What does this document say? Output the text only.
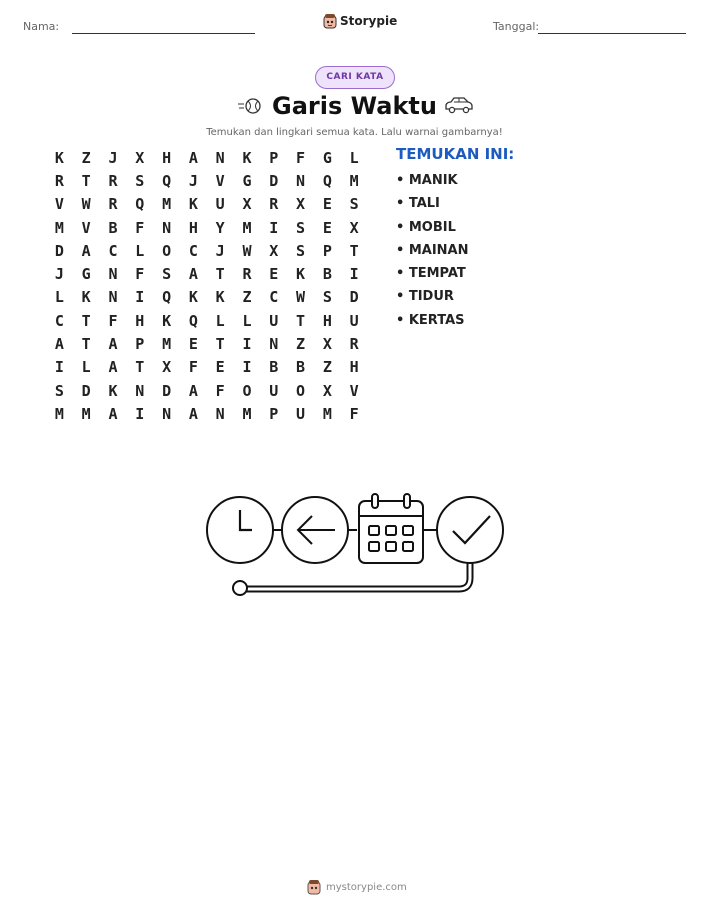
Nama:	Storypie	Tanggal:
CARI KATA
Garis Waktu
Temukan dan lingkari semua kata. Lalu warnai gambarnya!
K	Z	J	X	H	A	N	K	P	F	G	L
R	T	R	S	Q	J	V	G	D	N	Q	M
V	W	R	Q	M	K	U	X	R	X	E	S
M	V	B	F	N	H	Y	M	I	S	E	X
D	A	C	L	O	C	J	W	X	S	P	T
J	G	N	F	S	A	T	R	E	K	B	I
L	K	N	I	Q	K	K	Z	C	W	S	D
C	T	F	H	K	Q	L	L	U	T	H	U
A	T	A	P	M	E	T	I	N	Z	X	R
I	L	A	T	X	F	E	I	B	B	Z	H
S	D	K	N	D	A	F	O	U	O	X	V
M	M	A	I	N	A	N	M	P	U	M	F
TEMUKAN INI:
• MANIK
• TALI
• MOBIL
• MAINAN
• TEMPAT
• TIDUR
• KERTAS
mystorypie.com
